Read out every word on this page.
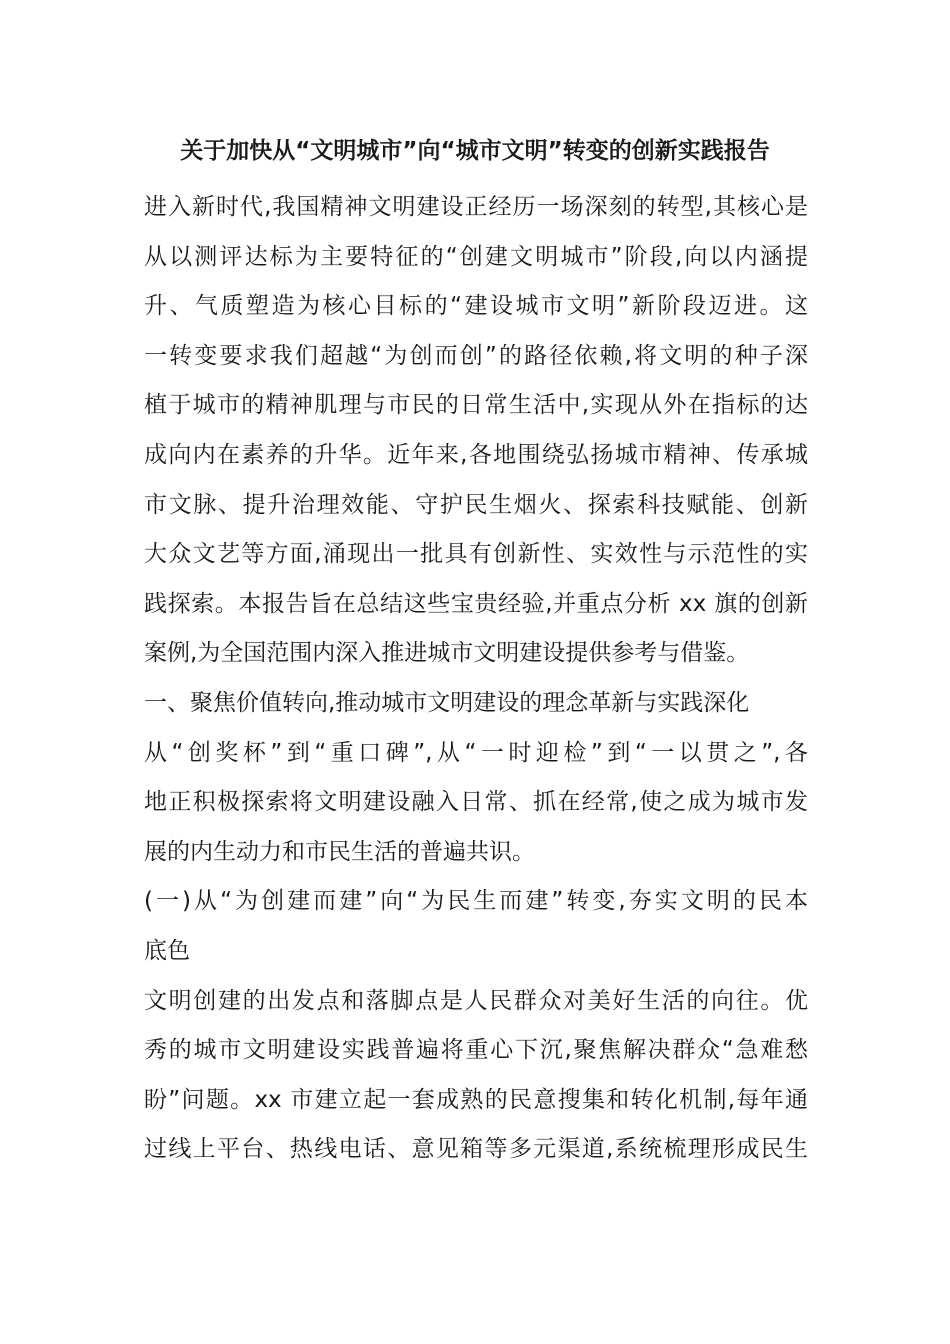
关于加快从“文明城市”向“城市文明”转变的创新实践报告
进入新时代,我国精神文明建设正经历一场深刻的转型,其核心是
从以测评达标为主要特征的“创建文明城市”阶段,向以内涵提
升、气质塑造为核心目标的“建设城市文明”新阶段迈进。这
一转变要求我们超越“为创而创”的路径依赖,将文明的种子深
植于城市的精神肌理与市民的日常生活中,实现从外在指标的达
成向内在素养的升华。近年来,各地围绕弘扬城市精神、传承城
市文脉、提升治理效能、守护民生烟火、探索科技赋能、创新
大众文艺等方面,涌现出一批具有创新性、实效性与示范性的实
践探索。本报告旨在总结这些宝贵经验,并重点分析 xx 旗的创新
案例,为全国范围内深入推进城市文明建设提供参考与借鉴。
一、聚焦价值转向,推动城市文明建设的理念革新与实践深化
从“创奖杯”到“重口碑”,从“一时迎检”到“一以贯之”,各
地正积极探索将文明建设融入日常、抓在经常,使之成为城市发
展的内生动力和市民生活的普遍共识。
(一)从“为创建而建”向“为民生而建”转变,夯实文明的民本
底色
文明创建的出发点和落脚点是人民群众对美好生活的向往。优
秀的城市文明建设实践普遍将重心下沉,聚焦解决群众“急难愁
盼”问题。xx 市建立起一套成熟的民意搜集和转化机制,每年通
过线上平台、热线电话、意见箱等多元渠道,系统梳理形成民生
